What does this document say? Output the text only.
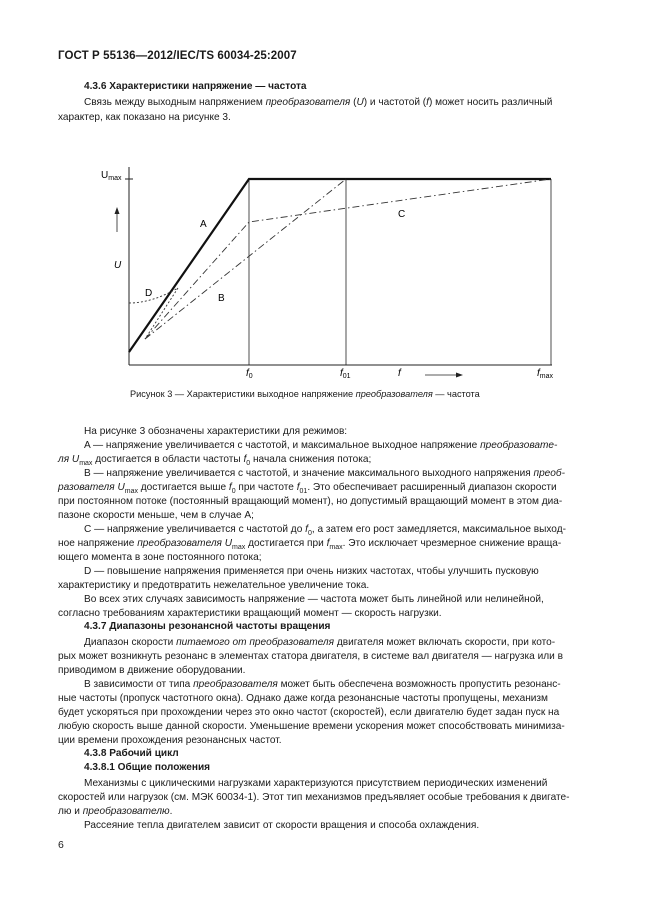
ГОСТ Р 55136—2012/IEC/TS 60034-25:2007
4.3.6 Характеристики напряжение — частота
Связь между выходным напряжением преобразователя (U) и частотой (f) может носить различный
характер, как показано на рисунке 3.
$U_{max}$
U
$f_0$	$f_{01}$	f	$f_{max}$
A
B
C
D
Рисунок 3 — Характеристики выходное напряжение преобразователя — частота
На рисунке 3 обозначены характеристики для режимов:
A — напряжение увеличивается с частотой, и максимальное выходное напряжение преобразовате-
ля $U_{max}$ достигается в области частоты $f_0$ начала снижения потока;
B — напряжение увеличивается с частотой, и значение максимального выходного напряжения преоб-
разователя $U_{max}$ достигается выше $f_0$ при частоте $f_{01}$. Это обеспечивает расширенный диапазон скорости
при постоянном потоке (постоянный вращающий момент), но допустимый вращающий момент в этом диа-
пазоне скорости меньше, чем в случае A;
C — напряжение увеличивается с частотой до $f_0$, а затем его рост замедляется, максимальное выход-
ное напряжение преобразователя $U_{max}$ достигается при $f_{max}$. Это исключает чрезмерное снижение враща-
ющего момента в зоне постоянного потока;
D — повышение напряжения применяется при очень низких частотах, чтобы улучшить пусковую
характеристику и предотвратить нежелательное увеличение тока.
Во всех этих случаях зависимость напряжение — частота может быть линейной или нелинейной,
согласно требованиям характеристики вращающий момент — скорость нагрузки.
4.3.7 Диапазоны резонансной частоты вращения
Диапазон скорости питаемого от преобразователя двигателя может включать скорости, при кото-
рых может возникнуть резонанс в элементах статора двигателя, в системе вал двигателя — нагрузка или в
приводимом в движение оборудовании.
В зависимости от типа преобразователя может быть обеспечена возможность пропустить резонанс-
ные частоты (пропуск частотного окна). Однако даже когда резонансные частоты пропущены, механизм
будет ускоряться при прохождении через это окно частот (скоростей), если двигателю будет задан пуск на
любую скорость выше данной скорости. Уменьшение времени ускорения может способствовать минимиза-
ции времени прохождения резонансных частот.
4.3.8 Рабочий цикл
4.3.8.1 Общие положения
Механизмы с циклическими нагрузками характеризуются присутствием периодических изменений
скоростей или нагрузок (см. МЭК 60034-1). Этот тип механизмов предъявляет особые требования к двигате-
лю и преобразователю.
Рассеяние тепла двигателем зависит от скорости вращения и способа охлаждения.
6
